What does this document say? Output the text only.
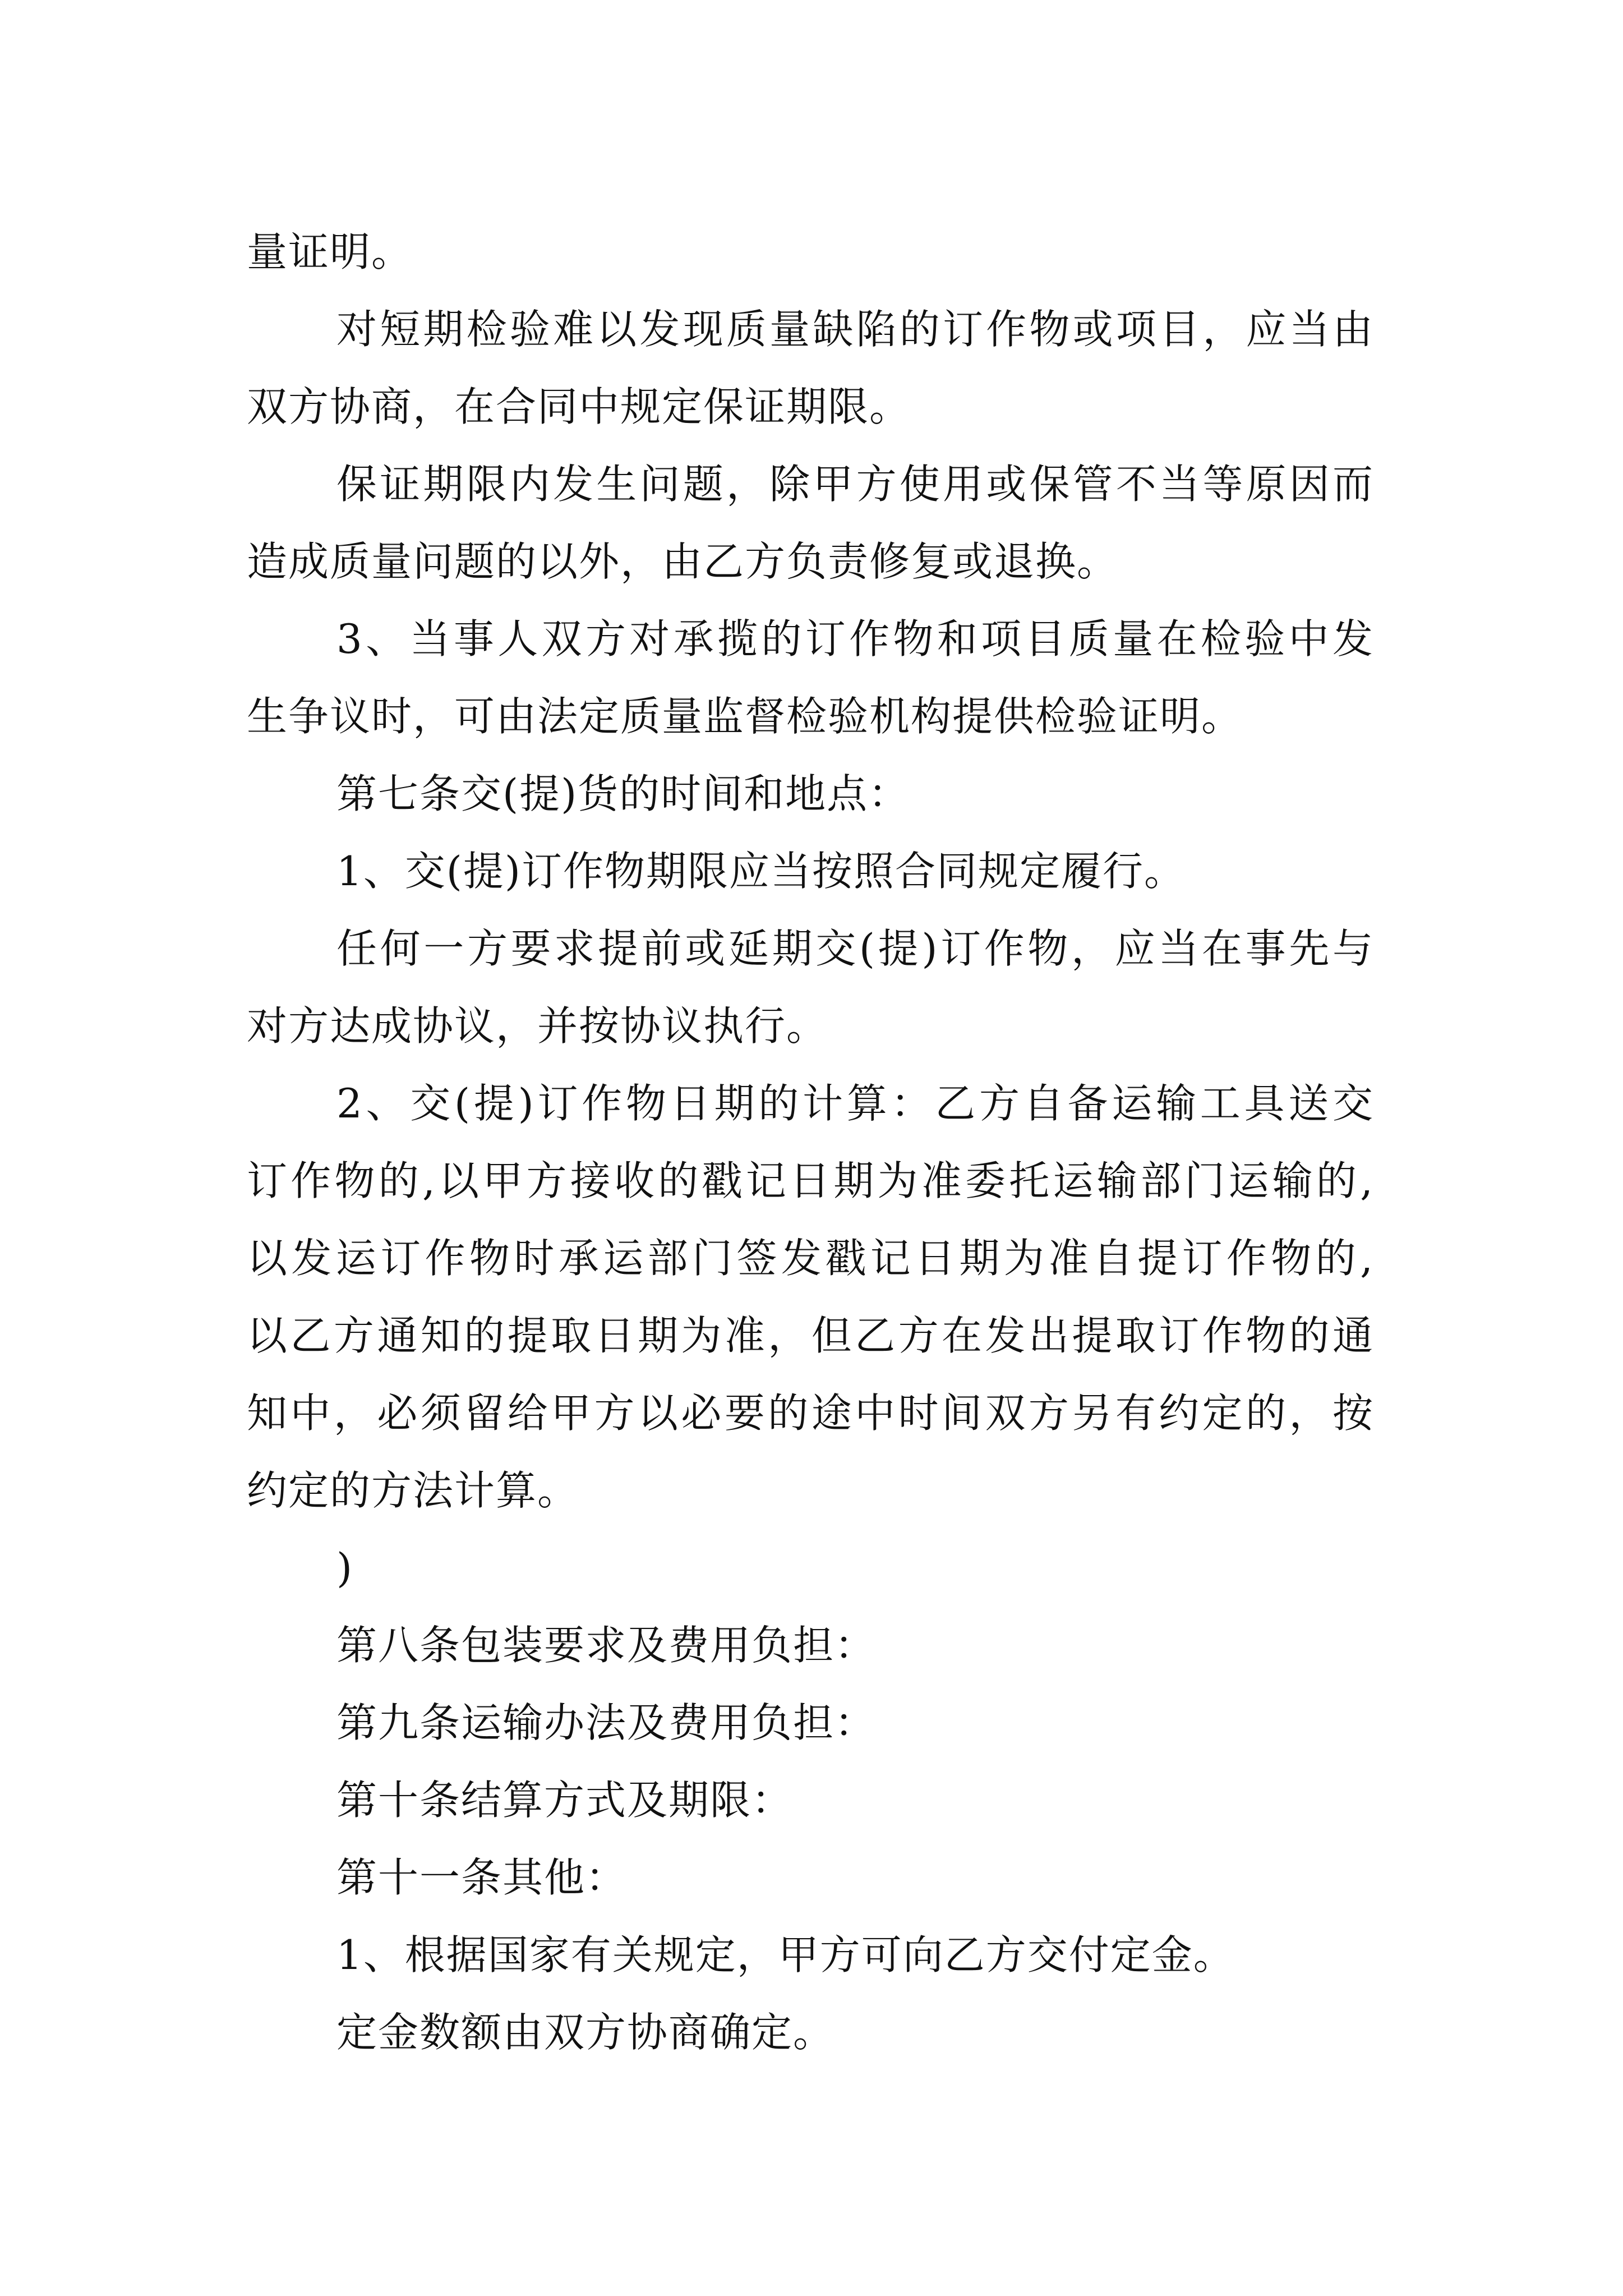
量证明。

对短期检验难以发现质量缺陷的订作物或项目，应当由

双方协商，在合同中规定保证期限。

保证期限内发生问题，除甲方使用或保管不当等原因而

造成质量问题的以外，由乙方负责修复或退换。

3、当事人双方对承揽的订作物和项目质量在检验中发

生争议时，可由法定质量监督检验机构提供检验证明。

第七条交(提)货的时间和地点：

1、交(提)订作物期限应当按照合同规定履行。

任何一方要求提前或延期交(提)订作物，应当在事先与

对方达成协议，并按协议执行。

2、交(提)订作物日期的计算：乙方自备运输工具送交

订作物的,以甲方接收的戳记日期为准委托运输部门运输的,

以发运订作物时承运部门签发戳记日期为准自提订作物的,

以乙方通知的提取日期为准，但乙方在发出提取订作物的通

知中，必须留给甲方以必要的途中时间双方另有约定的，按

约定的方法计算。

)

第八条包装要求及费用负担：

第九条运输办法及费用负担：

第十条结算方式及期限：

第十一条其他：

1、根据国家有关规定，甲方可向乙方交付定金。

定金数额由双方协商确定。
